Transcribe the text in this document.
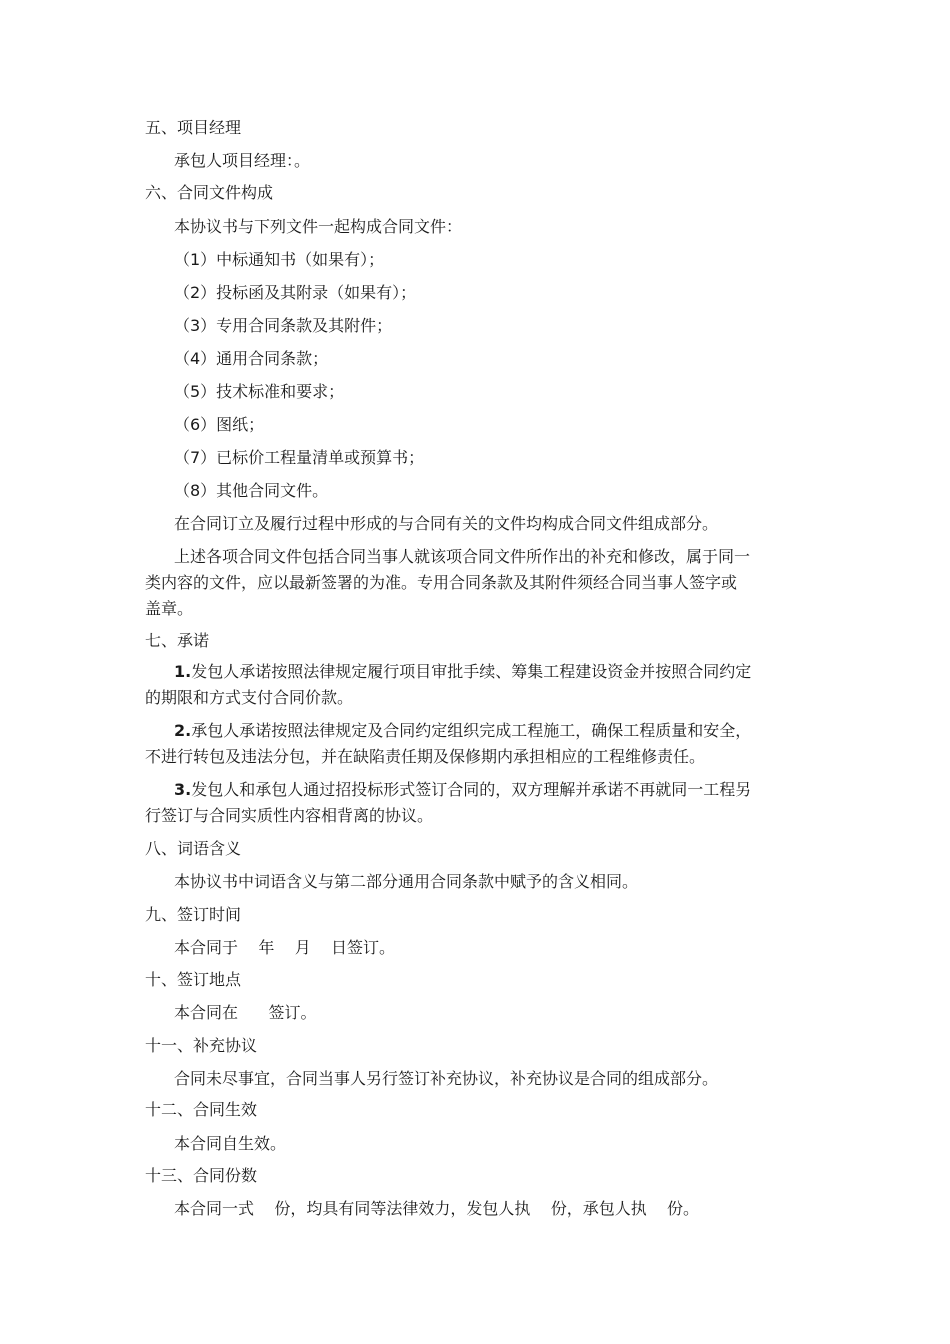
五、项目经理
承包人项目经理：。
六、合同文件构成
本协议书与下列文件一起构成合同文件：
（1）中标通知书（如果有）；
（2）投标函及其附录（如果有）；
（3）专用合同条款及其附件；
（4）通用合同条款；
（5）技术标准和要求；
（6）图纸；
（7）已标价工程量清单或预算书；
（8）其他合同文件。
在合同订立及履行过程中形成的与合同有关的文件均构成合同文件组成部分。
上述各项合同文件包括合同当事人就该项合同文件所作出的补充和修改，属于同一
类内容的文件，应以最新签署的为准。专用合同条款及其附件须经合同当事人签字或
盖章。
七、承诺
1.发包人承诺按照法律规定履行项目审批手续、筹集工程建设资金并按照合同约定
的期限和方式支付合同价款。
2.承包人承诺按照法律规定及合同约定组织完成工程施工，确保工程质量和安全，
不进行转包及违法分包，并在缺陷责任期及保修期内承担相应的工程维修责任。
3.发包人和承包人通过招投标形式签订合同的，双方理解并承诺不再就同一工程另
行签订与合同实质性内容相背离的协议。
八、词语含义
本协议书中词语含义与第二部分通用合同条款中赋予的含义相同。
九、签订时间
本合同于    年    月    日签订。
十、签订地点
本合同在      签订。
十一、补充协议
合同未尽事宜，合同当事人另行签订补充协议，补充协议是合同的组成部分。
十二、合同生效
本合同自生效。
十三、合同份数
本合同一式    份，均具有同等法律效力，发包人执    份，承包人执    份。
